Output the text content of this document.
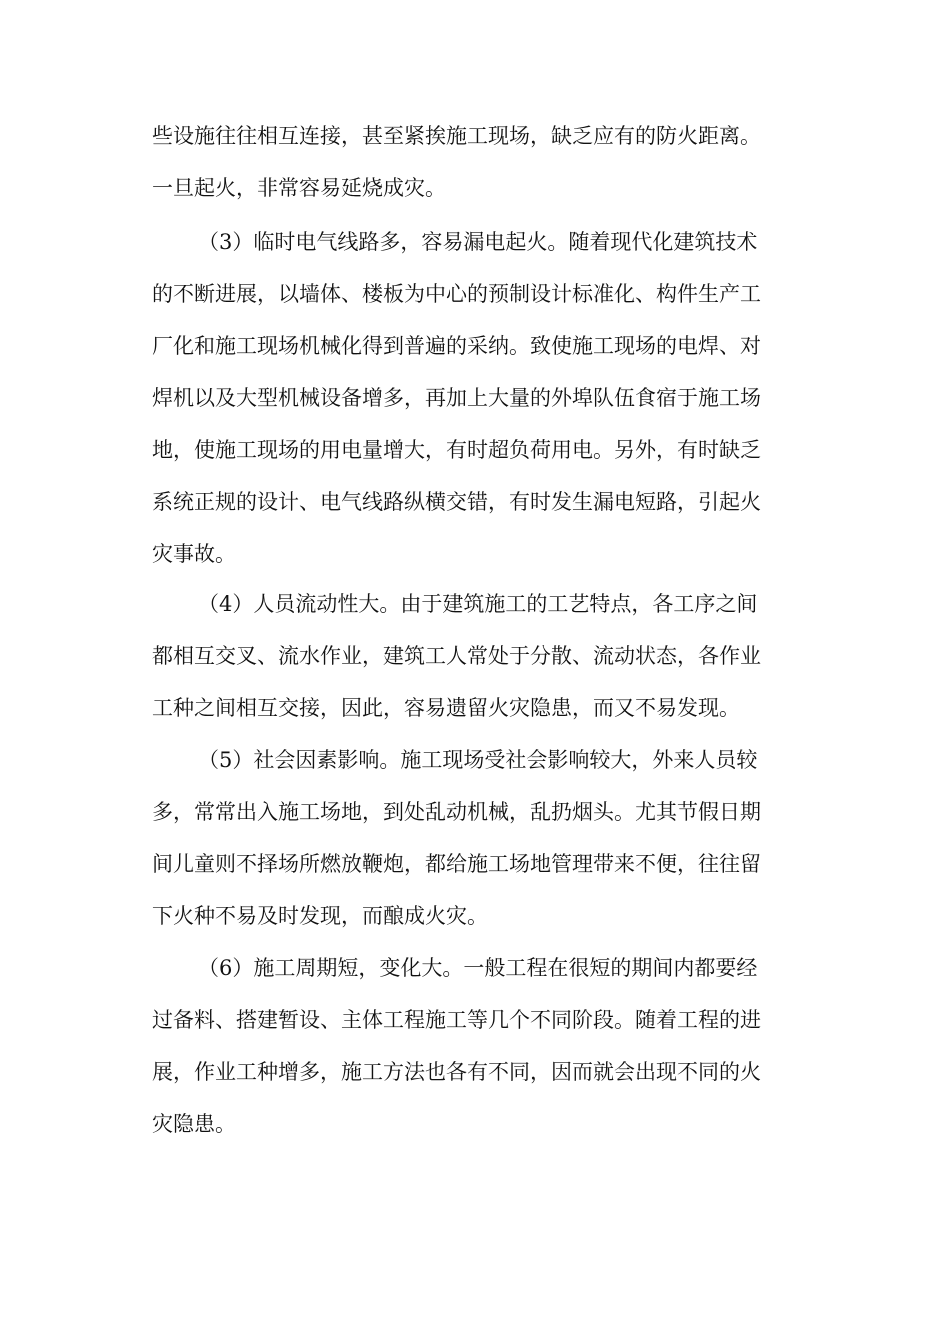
些设施往往相互连接，甚至紧挨施工现场，缺乏应有的防火距离。
一旦起火，非常容易延烧成灾。
（3）临时电气线路多，容易漏电起火。随着现代化建筑技术
的不断进展，以墙体、楼板为中心的预制设计标准化、构件生产工
厂化和施工现场机械化得到普遍的采纳。致使施工现场的电焊、对
焊机以及大型机械设备增多，再加上大量的外埠队伍食宿于施工场
地，使施工现场的用电量增大，有时超负荷用电。另外，有时缺乏
系统正规的设计、电气线路纵横交错，有时发生漏电短路，引起火
灾事故。
（4）人员流动性大。由于建筑施工的工艺特点，各工序之间
都相互交叉、流水作业，建筑工人常处于分散、流动状态，各作业
工种之间相互交接，因此，容易遗留火灾隐患，而又不易发现。
（5）社会因素影响。施工现场受社会影响较大，外来人员较
多，常常出入施工场地，到处乱动机械，乱扔烟头。尤其节假日期
间儿童则不择场所燃放鞭炮，都给施工场地管理带来不便，往往留
下火种不易及时发现，而酿成火灾。
（6）施工周期短，变化大。一般工程在很短的期间内都要经
过备料、搭建暂设、主体工程施工等几个不同阶段。随着工程的进
展，作业工种增多，施工方法也各有不同，因而就会出现不同的火
灾隐患。
